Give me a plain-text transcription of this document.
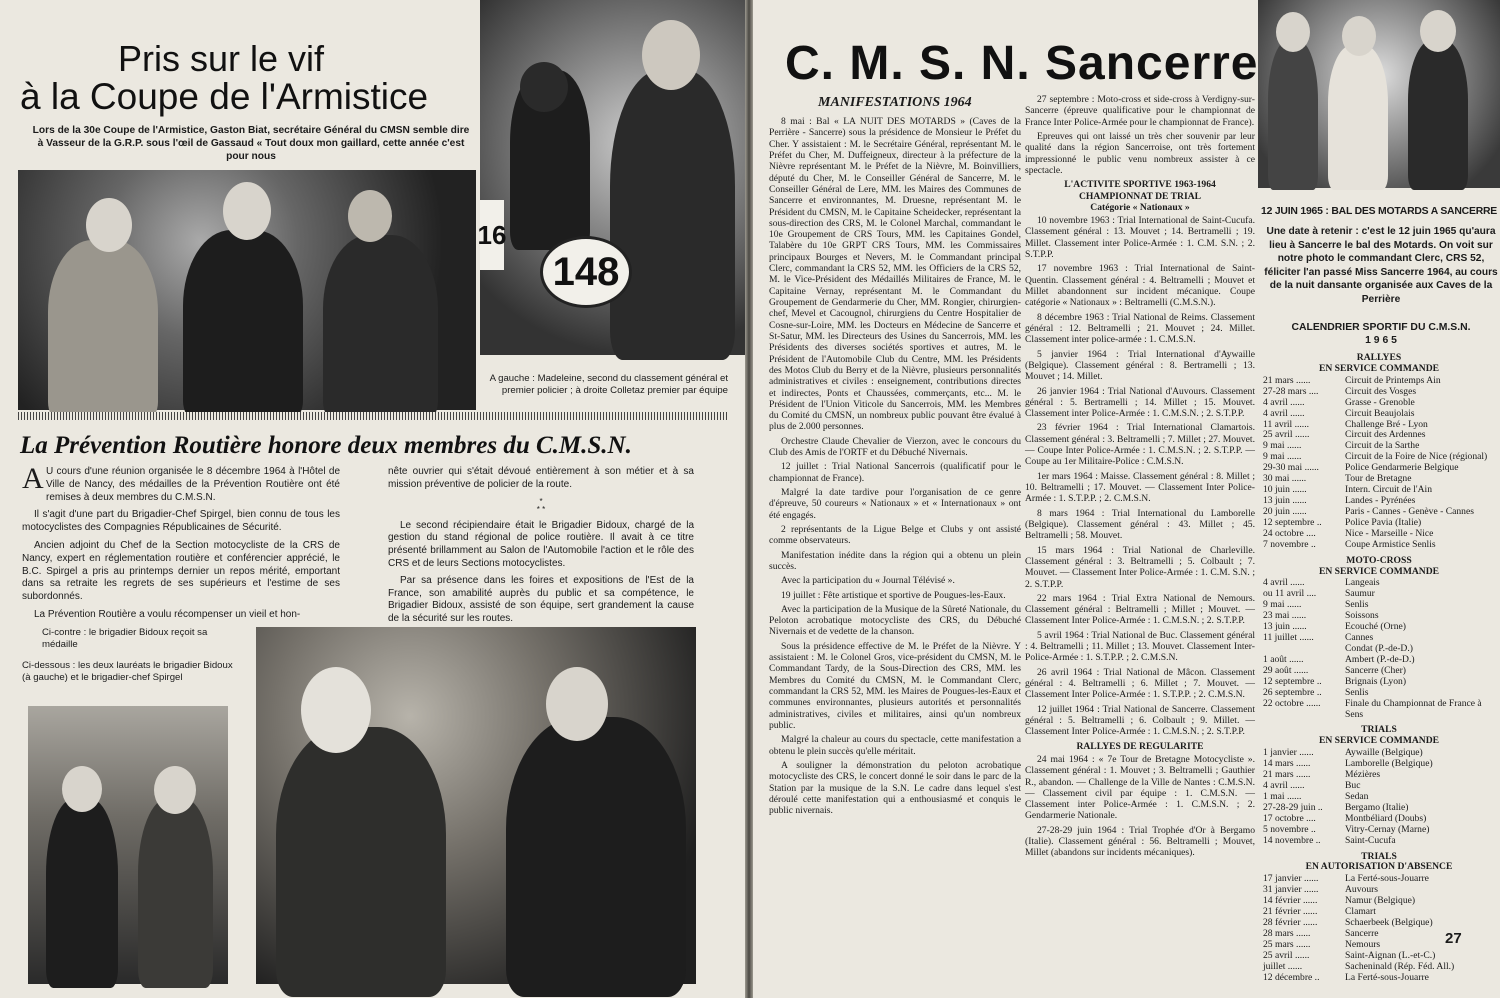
Pris sur le vif
à la Coupe de l'Armistice
Lors de la 30e Coupe de l'Armistice, Gaston Biat, secrétaire Général du CMSN semble dire à Vasseur de la G.R.P. sous l'œil de Gassaud « Tout doux mon gaillard, cette année c'est pour nous
148
16
A gauche : Madeleine, second du classement général et premier policier ; à droite Colletaz premier par équipe
La Prévention Routière honore deux membres du C.M.S.N.
A U cours d'une réunion organisée le 8 décembre 1964 à l'Hôtel de Ville de Nancy, des médailles de la Prévention Routière ont été remises à deux membres du C.M.S.N.

Il s'agit d'une part du Brigadier-Chef Spirgel, bien connu de tous les motocyclistes des Compagnies Républicaines de Sécurité.

Ancien adjoint du Chef de la Section motocycliste de la CRS de Nancy, expert en réglementation routière et conférencier apprécié, le B.C. Spirgel a pris au printemps dernier un repos mérité, emportant dans sa retraite les regrets de ses supérieurs et l'estime de ses subordonnés.

La Prévention Routière a voulu récompenser un vieil et hon-

nête ouvrier qui s'était dévoué entièrement à son métier et à sa mission préventive de policier de la route.

*
* *

Le second récipiendaire était le Brigadier Bidoux, chargé de la gestion du stand régional de police routière. Il avait à ce titre présenté brillamment au Salon de l'Automobile l'action et le rôle des CRS et de leurs Sections motocyclistes.

Par sa présence dans les foires et expositions de l'Est de la France, son amabilité auprès du public et sa compétence, le Brigadier Bidoux, assisté de son équipe, sert grandement la cause de la sécurité sur les routes.

Ci-contre : le brigadier Bidoux reçoit sa médaille
Ci-dessous : les deux lauréats le brigadier Bidoux (à gauche) et le brigadier-chef Spirgel
C. M. S. N. Sancerre
MANIFESTATIONS 1964

8 mai : Bal « LA NUIT DES MOTARDS » (Caves de la Perrière - Sancerre) sous la présidence de Monsieur le Préfet du Cher. Y assistaient : M. le Secrétaire Général, représentant M. le Préfet du Cher, M. Duffeigneux, directeur à la préfecture de la Nièvre représentant M. le Préfet de la Nièvre, M. Boinvilliers, député du Cher, M. le Conseiller Général de Sancerre, M. le Conseiller Général de Lere, MM. les Maires des Communes de Sancerre et environnantes, M. Druesne, représentant M. le Président du CMSN, M. le Capitaine Scheidecker, représentant la sous-direction des CRS, M. le Colonel Marchal, commandant le 10e Groupement de CRS Tours, MM. les Capitaines Gondel, Talabère du 10e GRPT CRS Tours, MM. les Commissaires principaux Bourges et Nevers, M. le Commandant principal Clerc, commandant la CRS 52, MM. les Officiers de la CRS 52, M. le Vice-Président des Médaillés Militaires de France, M. le Capitaine Vernay, représentant M. le Commandant du Groupement de Gendarmerie du Cher, MM. Rongier, chirurgien-chef, Mevel et Cacougnol, chirurgiens du Centre Hospitalier de Cosne-sur-Loire, MM. les Docteurs en Médecine de Sancerre et St-Satur, MM. les Directeurs des Usines du Sancerrois, MM. les Présidents des diverses sociétés sportives et autres, M. le Président de l'Automobile Club du Centre, MM. les Présidents des Motos Club du Berry et de la Nièvre, plusieurs personnalités administratives et civiles : enseignement, contributions directes et indirectes, Ponts et Chaussées, commerçants, etc... M. le Président de l'Union Viticole du Sancerrois, MM. les Membres du Comité du CMSN, un nombreux public pouvant être évalué à plus de 2.000 personnes.

Orchestre Claude Chevalier de Vierzon, avec le concours du Club des Amis de l'ORTF et du Débuché Nivernais.

12 juillet : Trial National Sancerrois (qualificatif pour le championnat de France).

Malgré la date tardive pour l'organisation de ce genre d'épreuve, 50 coureurs « Nationaux » et « Internationaux » ont été engagés.

2 représentants de la Ligue Belge et Clubs y ont assisté comme observateurs.

Manifestation inédite dans la région qui a obtenu un plein succès.

Avec la participation du « Journal Télévisé ».

19 juillet : Fête artistique et sportive de Pougues-les-Eaux.

Avec la participation de la Musique de la Sûreté Nationale, du Peloton acrobatique motocycliste des CRS, du Débuché Nivernais et de vedette de la chanson.

Sous la présidence effective de M. le Préfet de la Nièvre. Y assistaient : M. le Colonel Gros, vice-président du CMSN, M. le Commandant Tardy, de la Sous-Direction des CRS, MM. les Membres du Comité du CMSN, M. le Commandant Clerc, commandant la CRS 52, MM. les Maires de Pougues-les-Eaux et communes environnantes, plusieurs autorités et personnalités administratives, civiles et militaires, ainsi qu'un nombreux public.

Malgré la chaleur au cours du spectacle, cette manifestation a obtenu le plein succès qu'elle méritait.

A souligner la démonstration du peloton acrobatique motocycliste des CRS, le concert donné le soir dans le parc de la Station par la musique de la S.N. Le cadre dans lequel s'est déroulé cette manifestation qui a enthousiasmé et conquis le public nivernais.

27 septembre : Moto-cross et side-cross à Verdigny-sur-Sancerre (épreuve qualificative pour le championnat de France Inter Police-Armée pour le championnat de France).

Epreuves qui ont laissé un très cher souvenir par leur qualité dans la région Sancerroise, ont très fortement impressionné le public venu nombreux assister à ce spectacle.

L'ACTIVITE SPORTIVE 1963-1964
CHAMPIONNAT DE TRIAL
Catégorie « Nationaux »

10 novembre 1963 : Trial International de Saint-Cucufa. Classement général : 13. Mouvet ; 14. Bertramelli ; 19. Millet. Classement inter Police-Armée : 1. C.M. S.N. ; 2. S.T.P.P.

17 novembre 1963 : Trial International de Saint-Quentin. Classement général : 4. Beltramelli ; Mouvet et Millet abandonnent sur incident mécanique. Coupe catégorie « Nationaux » : Beltramelli (C.M.S.N.).

8 décembre 1963 : Trial National de Reims. Classement général : 12. Beltramelli ; 21. Mouvet ; 24. Millet. Classement inter police-armée : 1. C.M.S.N.

5 janvier 1964 : Trial International d'Aywaille (Belgique). Classement général : 8. Bertramelli ; 13. Mouvet ; 14. Millet.

26 janvier 1964 : Trial National d'Auvours. Classement général : 5. Bertramelli ; 14. Millet ; 15. Mouvet. Classement inter Police-Armée : 1. C.M.S.N. ; 2. S.T.P.P.

23 février 1964 : Trial International Clamartois. Classement général : 3. Beltramelli ; 7. Millet ; 27. Mouvet. — Coupe Inter Police-Armée : 1. C.M.S.N. ; 2. S.T.P.P. — Coupe au 1er Militaire-Police : C.M.S.N.

1er mars 1964 : Maisse. Classement général : 8. Millet ; 10. Beltramelli ; 17. Mouvet. — Classement Inter Police-Armée : 1. S.T.P.P. ; 2. C.M.S.N.

8 mars 1964 : Trial International du Lamborelle (Belgique). Classement général : 43. Millet ; 45. Beltramelli ; 58. Mouvet.

15 mars 1964 : Trial National de Charleville. Classement général : 3. Beltramelli ; 5. Colbault ; 7. Mouvet. — Classement Inter Police-Armée : 1. C.M. S.N. ; 2. S.T.P.P.

22 mars 1964 : Trial Extra National de Nemours. Classement général : Beltramelli ; Millet ; Mouvet. — Classement Inter Police-Armée : 1. C.M.S.N. ; 2. S.T.P.P.

5 avril 1964 : Trial National de Buc. Classement général : 4. Beltramelli ; 11. Millet ; 13. Mouvet. Classement Inter-Police-Armée : 1. S.T.P.P. ; 2. C.M.S.N.

26 avril 1964 : Trial National de Mâcon. Classement général : 4. Beltramelli ; 6. Millet ; 7. Mouvet. — Classement Inter Police-Armée : 1. S.T.P.P. ; 2. C.M.S.N.

12 juillet 1964 : Trial National de Sancerre. Classement général : 5. Beltramelli ; 6. Colbault ; 9. Millet. — Classement Inter Police-Armée : 1. C.M.S.N. ; 2. S.T.P.P.

RALLYES DE REGULARITE

24 mai 1964 : « 7e Tour de Bretagne Motocycliste ». Classement général : 1. Mouvet ; 3. Beltramelli ; Gauthier R., abandon. — Challenge de la Ville de Nantes : C.M.S.N. — Classement civil par équipe : 1. C.M.S.N. — Classement inter Police-Armée : 1. C.M.S.N. ; 2. Gendarmerie Nationale.

27-28-29 juin 1964 : Trial Trophée d'Or à Bergamo (Italie). Classement général : 56. Beltramelli ; Mouvet, Millet (abandons sur incidents mécaniques).

12 JUIN 1965 : BAL DES MOTARDS A SANCERRE
Une date à retenir : c'est le 12 juin 1965 qu'aura lieu à Sancerre le bal des Motards. On voit sur notre photo le commandant Clerc, CRS 52, féliciter l'an passé Miss Sancerre 1964, au cours de la nuit dansante organisée aux Caves de la Perrière
CALENDRIER SPORTIF DU C.M.S.N.
1 9 6 5
RALLYES
EN SERVICE COMMANDE
21 mars ......	Circuit de Printemps Ain
27-28 mars ....	Circuit des Vosges
4 avril ......	Grasse - Grenoble
4 avril ......	Circuit Beaujolais
11 avril ......	Challenge Bré - Lyon
25 avril ......	Circuit des Ardennes
9 mai ......	Circuit de la Sarthe
9 mai ......	Circuit de la Foire de Nice (régional)
29-30 mai ......	Police Gendarmerie Belgique
30 mai ......	Tour de Bretagne
10 juin ......	Intern. Circuit de l'Ain
13 juin ......	Landes - Pyrénées
20 juin ......	Paris - Cannes - Genève - Cannes
12 septembre ..	Police Pavia (Italie)
24 octobre ....	Nice - Marseille - Nice
7 novembre ..	Coupe Armistice Senlis
MOTO-CROSS
EN SERVICE COMMANDE
4 avril ......	Langeais
ou 11 avril ....	Saumur
9 mai ......	Senlis
23 mai ......	Soissons
13 juin ......	Ecouché (Orne)
11 juillet ......	Cannes
Condat (P.-de-D.)
1 août ......	Ambert (P.-de-D.)
29 août ......	Sancerre (Cher)
12 septembre ..	Brignais (Lyon)
26 septembre ..	Senlis
22 octobre ......	Finale du Championnat de France à Sens
TRIALS
EN SERVICE COMMANDE
1 janvier ......	Aywaille (Belgique)
14 mars ......	Lamborelle (Belgique)
21 mars ......	Mézières
4 avril ......	Buc
1 mai ......	Sedan
27-28-29 juin ..	Bergamo (Italie)
17 octobre ....	Montbéliard (Doubs)
5 novembre ..	Vitry-Cernay (Marne)
14 novembre ..	Saint-Cucufa
TRIALS
EN AUTORISATION D'ABSENCE
17 janvier ......	La Ferté-sous-Jouarre
31 janvier ......	Auvours
14 février ......	Namur (Belgique)
21 février ......	Clamart
28 février ......	Schaerbeek (Belgique)
28 mars ......	Sancerre
25 mars ......	Nemours
25 avril ......	Saint-Aignan (L.-et-C.)
juillet ......	Sacheninald (Rép. Féd. All.)
12 décembre ..	La Ferté-sous-Jouarre
27
